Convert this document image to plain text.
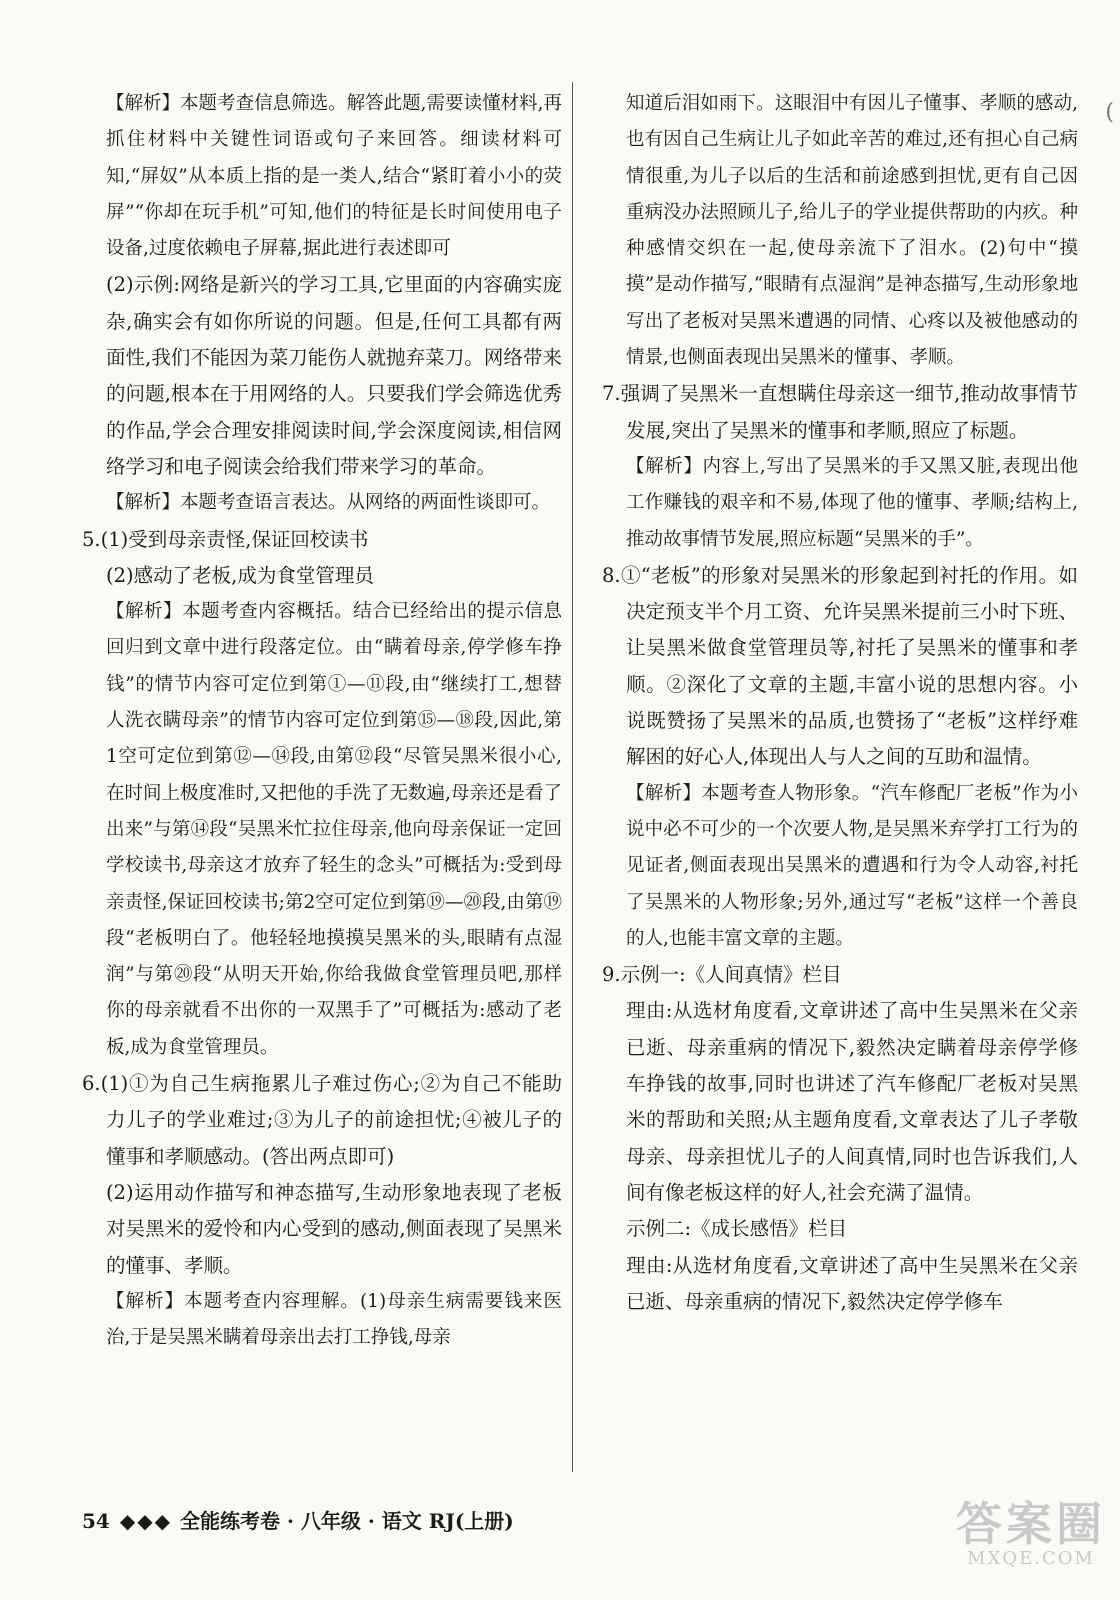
【解析】本题考查信息筛选。解答此题,需要读懂材料,再抓住材料中关键性词语或句子来回答。细读材料可知,“屏奴”从本质上指的是一类人,结合“紧盯着小小的荧屏”“你却在玩手机”可知,他们的特征是长时间使用电子设备,过度依赖电子屏幕,据此进行表述即可

(2)示例:网络是新兴的学习工具,它里面的内容确实庞杂,确实会有如你所说的问题。但是,任何工具都有两面性,我们不能因为菜刀能伤人就抛弃菜刀。网络带来的问题,根本在于用网络的人。只要我们学会筛选优秀的作品,学会合理安排阅读时间,学会深度阅读,相信网络学习和电子阅读会给我们带来学习的革命。

【解析】本题考查语言表达。从网络的两面性谈即可。

5.(1)受到母亲责怪,保证回校读书

(2)感动了老板,成为食堂管理员

【解析】本题考查内容概括。结合已经给出的提示信息回归到文章中进行段落定位。由“瞒着母亲,停学修车挣钱”的情节内容可定位到第①—⑪段,由“继续打工,想替人洗衣瞒母亲”的情节内容可定位到第⑮—⑱段,因此,第1空可定位到第⑫—⑭段,由第⑫段“尽管吴黑米很小心,在时间上极度准时,又把他的手洗了无数遍,母亲还是看了出来”与第⑭段“吴黑米忙拉住母亲,他向母亲保证一定回学校读书,母亲这才放弃了轻生的念头”可概括为:受到母亲责怪,保证回校读书;第2空可定位到第⑲—⑳段,由第⑲段“老板明白了。他轻轻地摸摸吴黑米的头,眼睛有点湿润”与第⑳段“从明天开始,你给我做食堂管理员吧,那样你的母亲就看不出你的一双黑手了”可概括为:感动了老板,成为食堂管理员。

6.(1)①为自己生病拖累儿子难过伤心;②为自己不能助力儿子的学业难过;③为儿子的前途担忧;④被儿子的懂事和孝顺感动。(答出两点即可)

(2)运用动作描写和神态描写,生动形象地表现了老板对吴黑米的爱怜和内心受到的感动,侧面表现了吴黑米的懂事、孝顺。

【解析】本题考查内容理解。(1)母亲生病需要钱来医治,于是吴黑米瞒着母亲出去打工挣钱,母亲

知道后泪如雨下。这眼泪中有因儿子懂事、孝顺的感动,也有因自己生病让儿子如此辛苦的难过,还有担心自己病情很重,为儿子以后的生活和前途感到担忧,更有自己因重病没办法照顾儿子,给儿子的学业提供帮助的内疚。种种感情交织在一起,使母亲流下了泪水。(2)句中“摸摸”是动作描写,“眼睛有点湿润”是神态描写,生动形象地写出了老板对吴黑米遭遇的同情、心疼以及被他感动的情景,也侧面表现出吴黑米的懂事、孝顺。

7.强调了吴黑米一直想瞒住母亲这一细节,推动故事情节发展,突出了吴黑米的懂事和孝顺,照应了标题。

【解析】内容上,写出了吴黑米的手又黑又脏,表现出他工作赚钱的艰辛和不易,体现了他的懂事、孝顺;结构上,推动故事情节发展,照应标题“吴黑米的手”。

8.①“老板”的形象对吴黑米的形象起到衬托的作用。如决定预支半个月工资、允许吴黑米提前三小时下班、让吴黑米做食堂管理员等,衬托了吴黑米的懂事和孝顺。②深化了文章的主题,丰富小说的思想内容。小说既赞扬了吴黑米的品质,也赞扬了“老板”这样纾难解困的好心人,体现出人与人之间的互助和温情。

【解析】本题考查人物形象。“汽车修配厂老板”作为小说中必不可少的一个次要人物,是吴黑米弃学打工行为的见证者,侧面表现出吴黑米的遭遇和行为令人动容,衬托了吴黑米的人物形象;另外,通过写“老板”这样一个善良的人,也能丰富文章的主题。

9.示例一:《人间真情》栏目

理由:从选材角度看,文章讲述了高中生吴黑米在父亲已逝、母亲重病的情况下,毅然决定瞒着母亲停学修车挣钱的故事,同时也讲述了汽车修配厂老板对吴黑米的帮助和关照;从主题角度看,文章表达了儿子孝敬母亲、母亲担忧儿子的人间真情,同时也告诉我们,人间有像老板这样的好人,社会充满了温情。

示例二:《成长感悟》栏目

理由:从选材角度看,文章讲述了高中生吴黑米在父亲已逝、母亲重病的情况下,毅然决定停学修车

(
54 ◆◆◆ 全能练考卷 · 八年级 · 语文 RJ(上册)	答案圈
MXQE.COM
